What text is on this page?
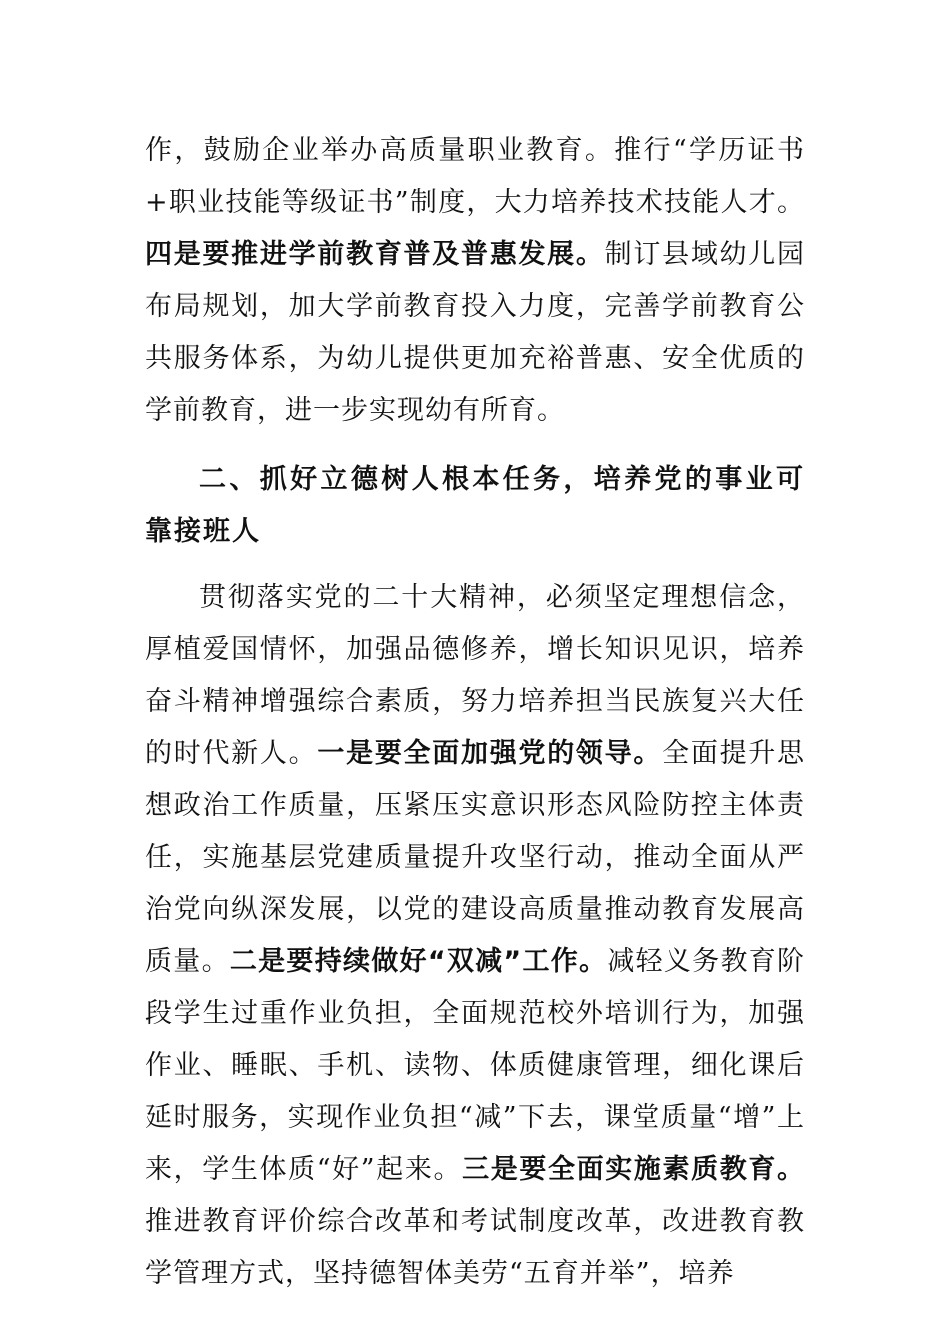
作，鼓励企业举办高质量职业教育。推行“学历证书+职业技能等级证书”制度，大力培养技术技能人才。四是要推进学前教育普及普惠发展。制订县域幼儿园布局规划，加大学前教育投入力度，完善学前教育公共服务体系，为幼儿提供更加充裕普惠、安全优质的学前教育，进一步实现幼有所育。

二、抓好立德树人根本任务，培养党的事业可靠接班人

贯彻落实党的二十大精神，必须坚定理想信念，厚植爱国情怀，加强品德修养，增长知识见识，培养奋斗精神增强综合素质，努力培养担当民族复兴大任的时代新人。一是要全面加强党的领导。全面提升思想政治工作质量，压紧压实意识形态风险防控主体责任，实施基层党建质量提升攻坚行动，推动全面从严治党向纵深发展，以党的建设高质量推动教育发展高质量。二是要持续做好“双减”工作。减轻义务教育阶段学生过重作业负担，全面规范校外培训行为，加强作业、睡眠、手机、读物、体质健康管理，细化课后延时服务，实现作业负担“减”下去，课堂质量“增”上来，学生体质“好”起来。三是要全面实施素质教育。推进教育评价综合改革和考试制度改革，改进教育教学管理方式，坚持德智体美劳“五育并举”，培养
